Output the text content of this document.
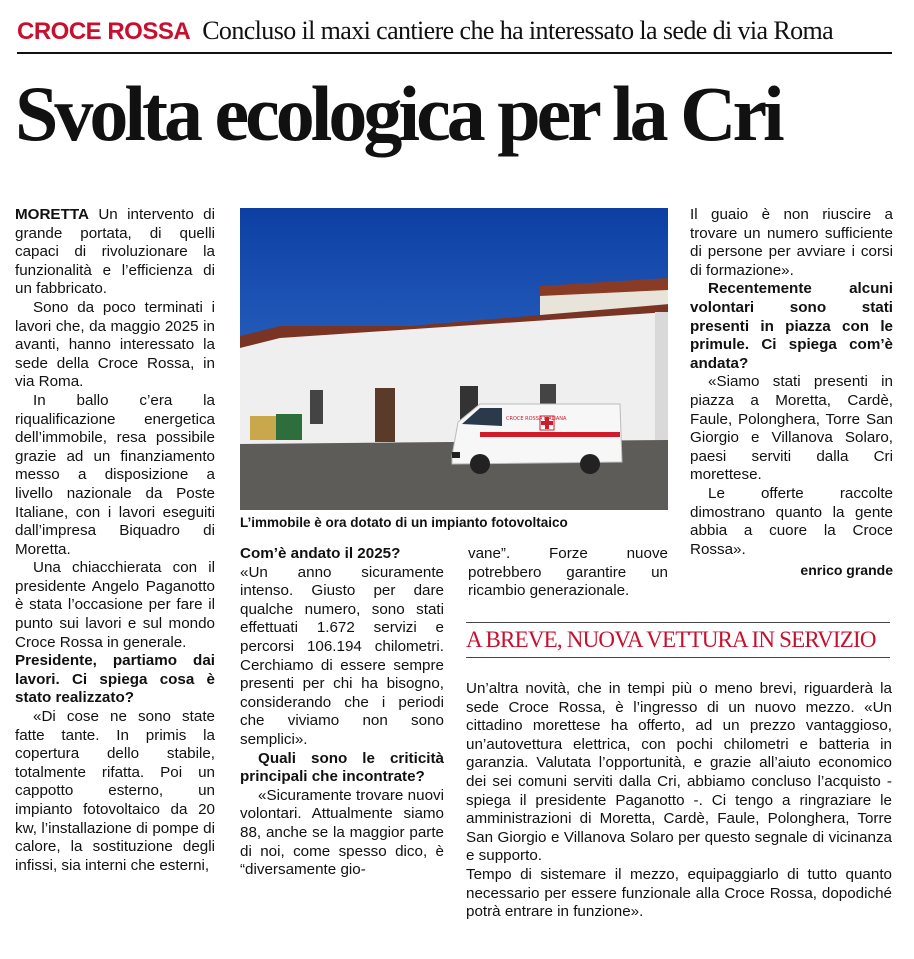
CROCE ROSSA Concluso il maxi cantiere che ha interessato la sede di via Roma
Svolta ecologica per la Cri

MORETTA Un intervento di grande portata, di quelli capaci di rivoluzionare la funzionalità e l’efficienza di un fabbricato.

Sono da poco terminati i lavori che, da maggio 2025 in avanti, hanno interessato la sede della Croce Rossa, in via Roma.

In ballo c’era la riqualificazione energetica dell’immobile, resa possibile grazie ad un finanziamento messo a disposizione a livello nazionale da Poste Italiane, con i lavori eseguiti dall’impresa Biquadro di Moretta.

Una chiacchierata con il presidente Angelo Paganotto è stata l’occasione per fare il punto sui lavori e sul mondo Croce Rossa in generale.

Presidente, partiamo dai lavori. Ci spiega cosa è stato realizzato?

«Di cose ne sono state fatte tante. In primis la copertura dello stabile, totalmente rifatta. Poi un cappotto esterno, un impianto fotovoltaico da 20 kw, l’installazione di pompe di calore, la sostituzione degli infissi, sia interni che esterni,

CROCE ROSSA ITALIANA
L’immobile è ora dotato di un impianto fotovoltaico

Com’è andato il 2025?

«Un anno sicuramente intenso. Giusto per dare qualche numero, sono stati effettuati 1.672 servizi e percorsi 106.194 chilometri. Cerchiamo di essere sempre presenti per chi ha bisogno, considerando che i periodi che viviamo non sono semplici».

Quali sono le criticità principali che incontrate?

«Sicuramente trovare nuovi volontari. Attualmente siamo 88, anche se la maggior parte di noi, come spesso dico, è “diversamente gio-

vane”. Forze nuove potrebbero garantire un ricambio generazionale.

Il guaio è non riuscire a trovare un numero sufficiente di persone per avviare i corsi di formazione».

Recentemente alcuni volontari sono stati presenti in piazza con le primule. Ci spiega com’è andata?

«Siamo stati presenti in piazza a Moretta, Cardè, Faule, Polonghera, Torre San Giorgio e Villanova Solaro, paesi serviti dalla Cri morettese.

Le offerte raccolte dimostrano quanto la gente abbia a cuore la Croce Rossa».

enrico grande

A BREVE, NUOVA VETTURA IN SERVIZIO

Un’altra novità, che in tempi più o meno brevi, riguarderà la sede Croce Rossa, è l’ingresso di un nuovo mezzo. «Un cittadino morettese ha offerto, ad un prezzo vantaggioso, un’autovettura elettrica, con pochi chilometri e batteria in garanzia. Valutata l’opportunità, e grazie all’aiuto economico dei sei comuni serviti dalla Cri, abbiamo concluso l’acquisto - spiega il presidente Paganotto -. Ci tengo a ringraziare le amministrazioni di Moretta, Cardè, Faule, Polonghera, Torre San Giorgio e Villanova Solaro per questo segnale di vicinanza e supporto.

Tempo di sistemare il mezzo, equipaggiarlo di tutto quanto necessario per essere funzionale alla Croce Rossa, dopodiché potrà entrare in funzione».
